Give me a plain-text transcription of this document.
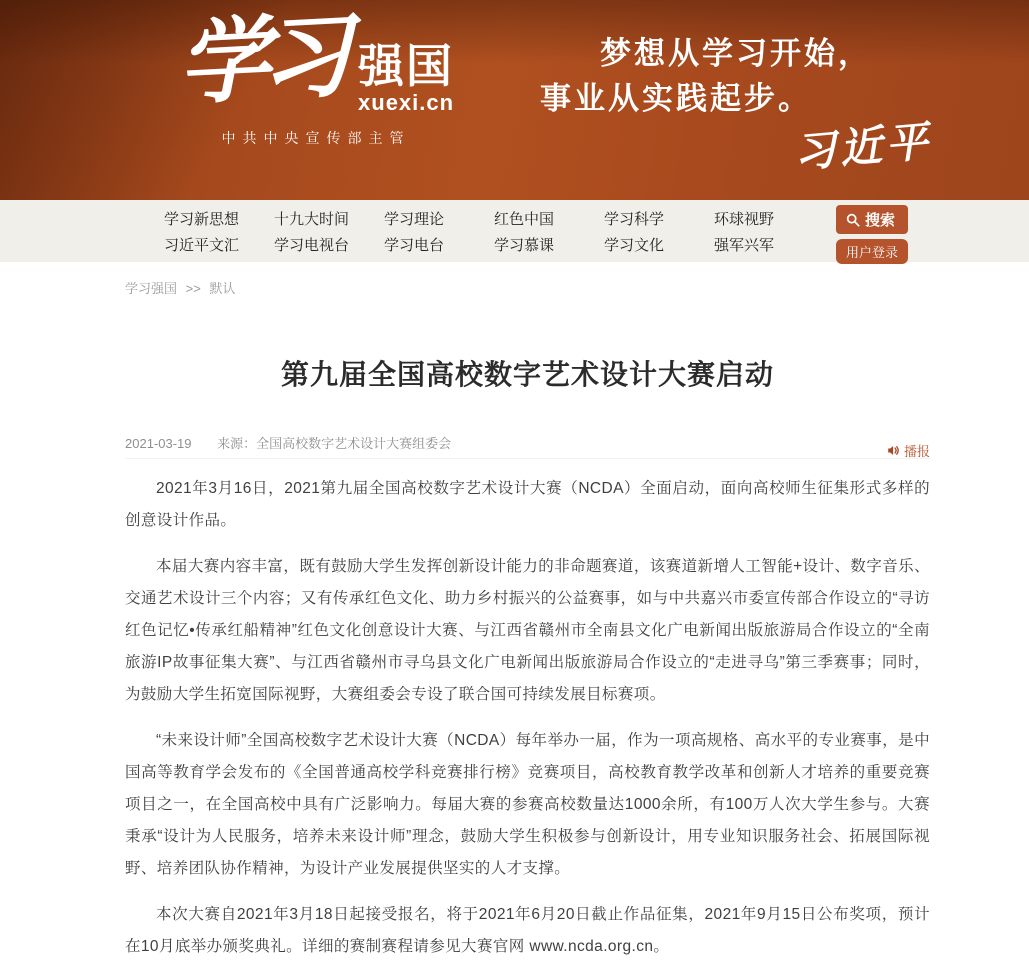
学习 强国
xuexi.cn
中共中央宣传部主管
梦想从学习开始，
事业从实践起步。
习近平
学习新思想	十九大时间	学习理论	红色中国	学习科学	环球视野
习近平文汇	学习电视台	学习电台	学习慕课	学习文化	强军兴军
搜索
用户登录
学习强国 >> 默认
第九届全国高校数字艺术设计大赛启动
2021-03-19 来源：全国高校数字艺术设计大赛组委会
播报

2021年3月16日，2021第九届全国高校数字艺术设计大赛（NCDA）全面启动，面向高校师生征集形式多样的创意设计作品。

本届大赛内容丰富，既有鼓励大学生发挥创新设计能力的非命题赛道，该赛道新增人工智能+设计、数字音乐、交通艺术设计三个内容；又有传承红色文化、助力乡村振兴的公益赛事，如与中共嘉兴市委宣传部合作设立的“寻访红色记忆•传承红船精神”红色文化创意设计大赛、与江西省赣州市全南县文化广电新闻出版旅游局合作设立的“全南旅游IP故事征集大赛”、与江西省赣州市寻乌县文化广电新闻出版旅游局合作设立的“走进寻乌”第三季赛事；同时，为鼓励大学生拓宽国际视野，大赛组委会专设了联合国可持续发展目标赛项。

“未来设计师”全国高校数字艺术设计大赛（NCDA）每年举办一届，作为一项高规格、高水平的专业赛事，是中国高等教育学会发布的《全国普通高校学科竞赛排行榜》竞赛项目，高校教育教学改革和创新人才培养的重要竞赛项目之一，在全国高校中具有广泛影响力。每届大赛的参赛高校数量达1000余所，有100万人次大学生参与。大赛秉承“设计为人民服务，培养未来设计师”理念，鼓励大学生积极参与创新设计，用专业知识服务社会、拓展国际视野、培养团队协作精神，为设计产业发展提供坚实的人才支撑。

本次大赛自2021年3月18日起接受报名，将于2021年6月20日截止作品征集，2021年9月15日公布奖项，预计在10月底举办颁奖典礼。详细的赛制赛程请参见大赛官网 www.ncda.org.cn。
